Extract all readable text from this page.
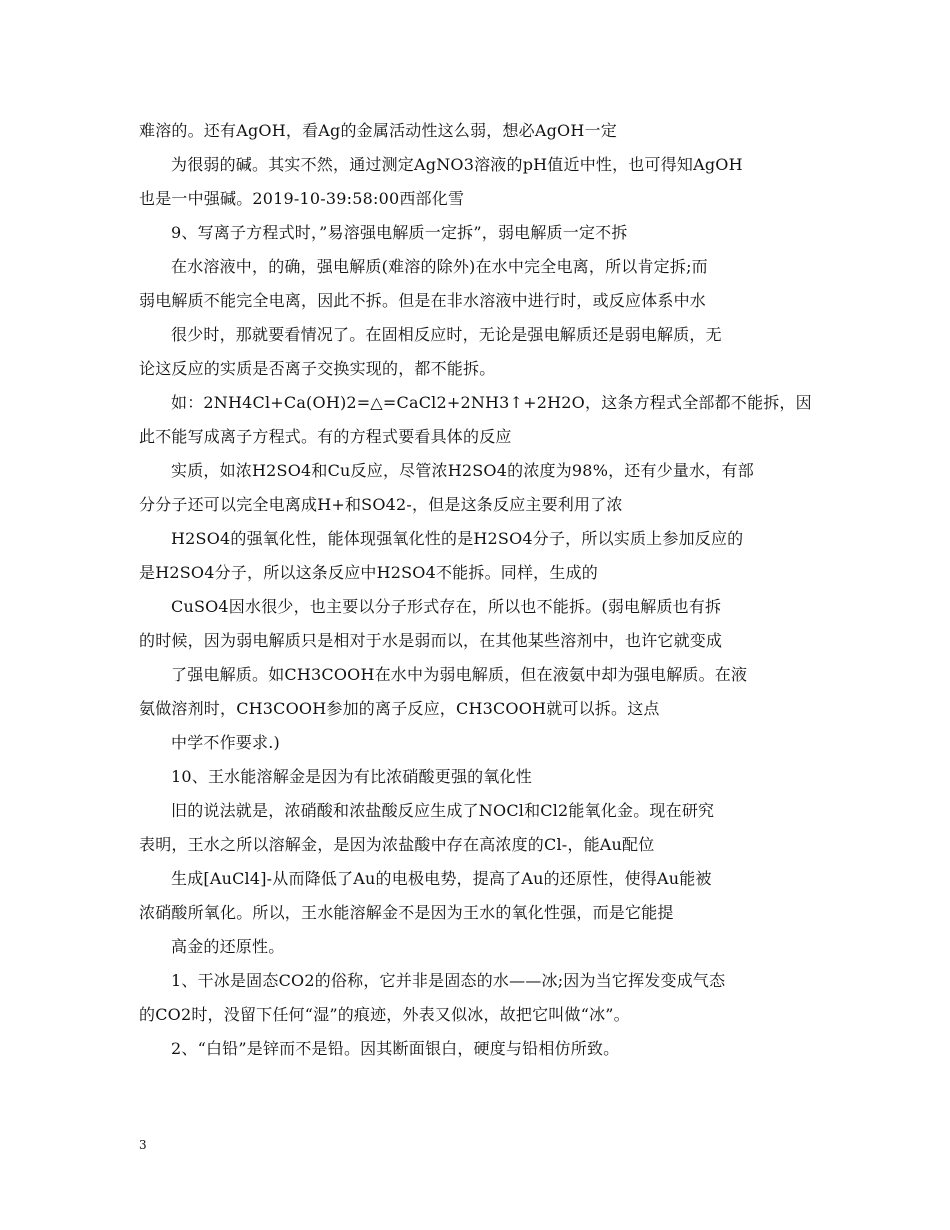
难溶的。还有AgOH，看Ag的金属活动性这么弱，想必AgOH一定
为很弱的碱。其实不然，通过测定AgNO3溶液的pH值近中性，也可得知AgOH
也是一中强碱。2019-10-39:58:00西部化雪
9、写离子方程式时，”易溶强电解质一定拆”，弱电解质一定不拆
在水溶液中，的确，强电解质(难溶的除外)在水中完全电离，所以肯定拆;而
弱电解质不能完全电离，因此不拆。但是在非水溶液中进行时，或反应体系中水
很少时，那就要看情况了。在固相反应时，无论是强电解质还是弱电解质，无
论这反应的实质是否离子交换实现的，都不能拆。
如：2NH4Cl+Ca(OH)2=△=CaCl2+2NH3↑+2H2O，这条方程式全部都不能拆，因
此不能写成离子方程式。有的方程式要看具体的反应
实质，如浓H2SO4和Cu反应，尽管浓H2SO4的浓度为98%，还有少量水，有部
分分子还可以完全电离成H+和SO42-，但是这条反应主要利用了浓
H2SO4的强氧化性，能体现强氧化性的是H2SO4分子，所以实质上参加反应的
是H2SO4分子，所以这条反应中H2SO4不能拆。同样，生成的
CuSO4因水很少，也主要以分子形式存在，所以也不能拆。(弱电解质也有拆
的时候，因为弱电解质只是相对于水是弱而以，在其他某些溶剂中，也许它就变成
了强电解质。如CH3COOH在水中为弱电解质，但在液氨中却为强电解质。在液
氨做溶剂时，CH3COOH参加的离子反应，CH3COOH就可以拆。这点
中学不作要求.)
10、王水能溶解金是因为有比浓硝酸更强的氧化性
旧的说法就是，浓硝酸和浓盐酸反应生成了NOCl和Cl2能氧化金。现在研究
表明，王水之所以溶解金，是因为浓盐酸中存在高浓度的Cl-，能Au配位
生成[AuCl4]-从而降低了Au的电极电势，提高了Au的还原性，使得Au能被
浓硝酸所氧化。所以，王水能溶解金不是因为王水的氧化性强，而是它能提
高金的还原性。
1、干冰是固态CO2的俗称，它并非是固态的水——冰;因为当它挥发变成气态
的CO2时，没留下任何“湿”的痕迹，外表又似冰，故把它叫做“冰”。
2、“白铅”是锌而不是铅。因其断面银白，硬度与铅相仿所致。
3
